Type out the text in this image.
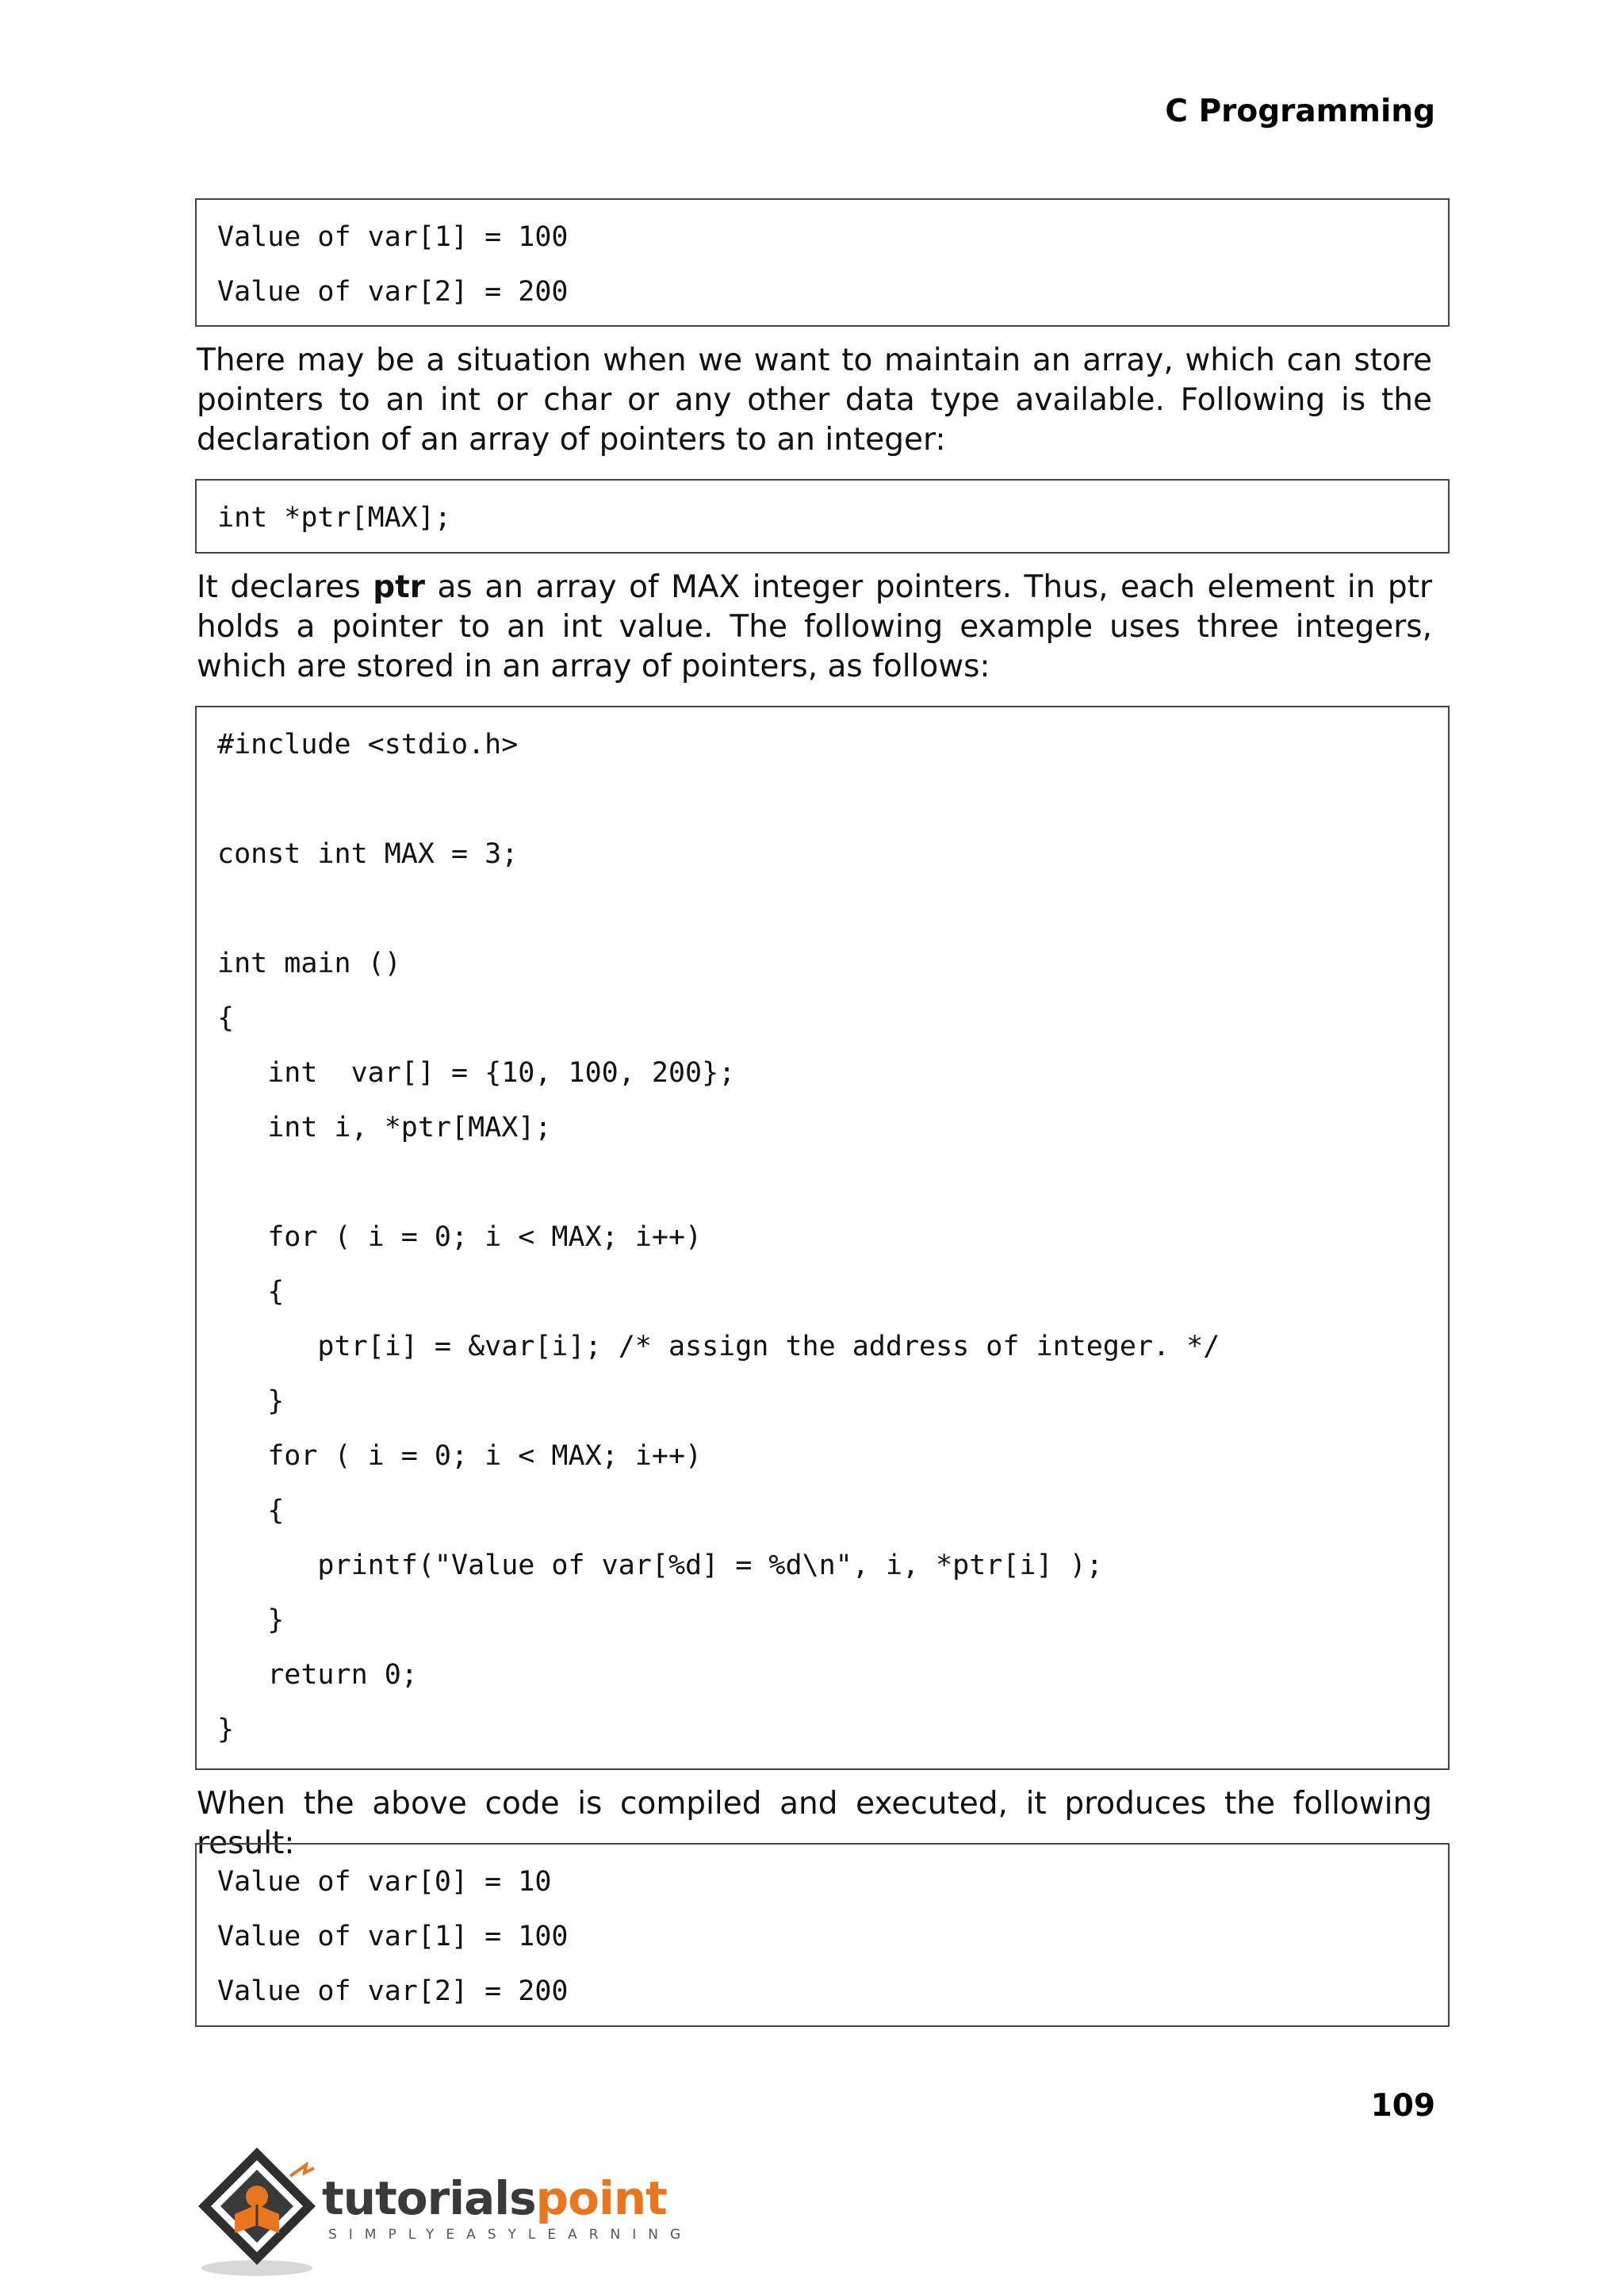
C Programming
Value of var[1] = 100
Value of var[2] = 200
There may be a situation when we want to maintain an array, which can store pointers to an int or char or any other data type available. Following is the declaration of an array of pointers to an integer:
int *ptr[MAX];
It declares ptr as an array of MAX integer pointers. Thus, each element in ptr holds a pointer to an int value. The following example uses three integers, which are stored in an array of pointers, as follows:
#include <stdio.h>
const int MAX = 3;
int main ()
{
int  var[] = {10, 100, 200};
int i, *ptr[MAX];
for ( i = 0; i < MAX; i++)
{
ptr[i] = &var[i]; /* assign the address of integer. */
}
for ( i = 0; i < MAX; i++)
{
printf("Value of var[%d] = %d\n", i, *ptr[i] );
}
return 0;
}
When the above code is compiled and executed, it produces the following result:
Value of var[0] = 10
Value of var[1] = 100
Value of var[2] = 200
109
tutorialspoint
SIMPLYEASYLEARNING
